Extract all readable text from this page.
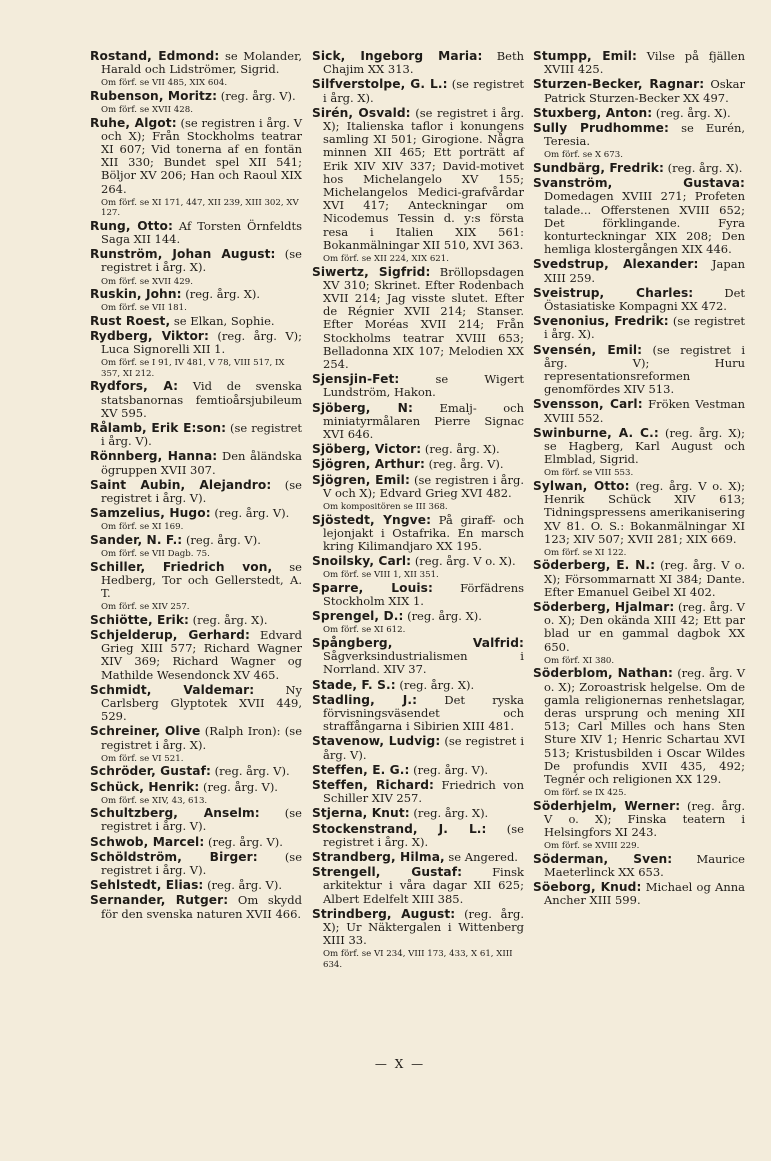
Rostand, Edmond: se Molander, Harald och Lidströmer, Sigrid.
Om förf. se VII 485, XIX 604.
Rubenson, Moritz: (reg. årg. V).
Om förf. se XVII 428.
Ruhe, Algot: (se registren i årg. V och X); Från Stockholms teatrar XI 607; Vid tonerna af en fontän XII 330; Bundet spel XII 541; Böljor XV 206; Han och Raoul XIX 264.
Om förf. se XI 171, 447, XII 239, XIII 302, XV 127.
Rung, Otto: Af Torsten Örnfeldts Saga XII 144.
Runström, Johan August: (se registret i årg. X).
Om förf. se XVII 429.
Ruskin, John: (reg. årg. X).
Om förf. se VII 181.
Rust Roest, se Elkan, Sophie.
Rydberg, Viktor: (reg. årg. V); Luca Signorelli XII 1.
Om förf. se I 91, IV 481, V 78, VIII 517, IX 357, XI 212.
Rydfors, A: Vid de svenska statsbanornas femtioårsjubileum XV 595.
Rålamb, Erik E:son: (se registret i årg. V).
Rönnberg, Hanna: Den åländska ögruppen XVII 307.
Saint Aubin, Alejandro: (se registret i årg. V).
Samzelius, Hugo: (reg. årg. V).
Om förf. se XI 169.
Sander, N. F.: (reg. årg. V).
Om förf. se VII Dagb. 75.
Schiller, Friedrich von, se Hedberg, Tor och Gellerstedt, A. T.
Om förf. se XIV 257.
Schiötte, Erik: (reg. årg. X).
Schjelderup, Gerhard: Edvard Grieg XIII 577; Richard Wagner XIV 369; Richard Wagner og Mathilde Wesendonck XV 465.
Schmidt, Valdemar:	Ny Carlsberg Glyptotek XVII 449, 529.
Schreiner, Olive (Ralph Iron): (se registret i årg. X).
Om förf. se VI 521.
Schröder, Gustaf: (reg. årg. V).
Schück, Henrik: (reg. årg. V).
Om förf. se XIV, 43, 613.
Schultzberg, Anselm: (se registret i årg. V).
Schwob, Marcel: (reg. årg. V).
Schöldström, Birger: (se registret i årg. V).
Sehlstedt, Elias: (reg. årg. V).
Sernander, Rutger: Om skydd för den svenska naturen XVII 466.
Sick, Ingeborg Maria: Beth Chajim XX 313.
Silfverstolpe, G. L.: (se registret i årg. X).
Sirén, Osvald: (se registret i årg. X); Italienska taflor i konungens samling XI 501; Girogione. Några minnen XII 465; Ett porträtt af Erik XIV XIV 337; David-motivet hos Michelangelo XV 155; Michelangelos Medici-grafvårdar XVI 417; Anteckningar om Nicodemus Tessin d. y:s första resa i Italien XIX 561: Bokanmälningar XII 510, XVI 363.
Om förf. se XII 224, XIX 621.
Siwertz, Sigfrid: Bröllopsdagen XV 310; Skrinet. Efter Rodenbach XVII 214; Jag visste slutet. Efter de Régnier XVII 214; Stanser. Efter Moréas XVII 214; Från Stockholms teatrar XVIII 653; Belladonna XIX 107; Melodien XX 254.
Sjensjin-Fet:	se Wigert Lundström, Hakon.
Sjöberg, N: Emalj- och miniatyrmålaren Pierre Signac XVI 646.
Sjöberg, Victor: (reg. årg. X).
Sjögren, Arthur: (reg. årg. V).
Sjögren, Emil: (se registren i årg. V och X); Edvard Grieg XVI 482.
Om kompositören se III 368.
Sjöstedt, Yngve: På giraff- och lejonjakt i Ostafrika. En marsch kring Kilimandjaro XX 195.
Snoilsky, Carl: (reg. årg. V o. X).
Om förf. se VIII 1, XII 351.
Sparre, Louis: Förfädrens Stockholm XIX 1.
Sprengel, D.: (reg. årg. X).
Om förf. se XI 612.
Spångberg, Valfrid: Sågverksindustrialismen i Norrland. XIV 37.
Stade, F. S.: (reg. årg. X).
Stadling, J.: Det ryska förvisningsväsendet och straffångarna i Sibirien XIII 481.
Stavenow, Ludvig: (se registret i årg. V).
Steffen, E. G.: (reg. årg. V).
Steffen, Richard: Friedrich von Schiller XIV 257.
Stjerna, Knut: (reg. årg. X).
Stockenstrand, J. L.: (se registret i årg. X).
Strandberg, Hilma, se Angered.
Strengell, Gustaf:	Finsk arkitektur i våra dagar XII 625; Albert Edelfelt XIII 385.
Strindberg, August: (reg. årg. X); Ur Näktergalen i Wittenberg XIII 33.
Om förf. se VI 234, VIII 173, 433, X 61, XIII 634.
Stumpp, Emil: Vilse på fjällen XVIII 425.
Sturzen-Becker, Ragnar: Oskar Patrick Sturzen-Becker XX 497.
Stuxberg, Anton: (reg. årg. X).
Sully Prudhomme: se Eurén, Teresia.
Om förf. se X 673.
Sundbärg, Fredrik: (reg. årg. X).
Svanström, Gustava: Domedagen XVIII 271; Profeten talade... Offerstenen XVIII 652; Det förklingande. Fyra konturteckningar XIX 208; Den hemliga klostergången XIX 446.
Svedstrup, Alexander: Japan XIII 259.
Sveistrup, Charles:	Det Östasiatiske Kompagni XX 472.
Svenonius, Fredrik: (se registret i årg. X).
Svensén, Emil: (se registret i årg. V); Huru representationsreformen genomfördes XIV 513.
Svensson, Carl: Fröken Vestman XVIII 552.
Swinburne, A. C.: (reg. årg. X); se Hagberg, Karl August och Elmblad, Sigrid.
Om förf. se VIII 553.
Sylwan, Otto: (reg. årg. V o. X); Henrik Schück XIV 613; Tidningspressens amerikanisering XV 81. O. S.: Bokanmälningar XI 123; XIV 507; XVII 281; XIX 669.
Om förf. se XI 122.
Söderberg, E. N.: (reg. årg. V o. X); Försommarnatt XI 384; Dante. Efter Emanuel Geibel XI 402.
Söderberg, Hjalmar: (reg. årg. V o. X); Den okända XIII 42; Ett par blad ur en gammal dagbok XX 650.
Om förf. XI 380.
Söderblom, Nathan: (reg. årg. V o. X); Zoroastrisk helgelse. Om de gamla religionernas renhetslagar, deras ursprung och mening XII 513; Carl Milles och hans Sten Sture XIV 1; Henric Schartau XVI 513; Kristusbilden i Oscar Wildes De profundis XVII 435, 492; Tegnér och religionen XX 129.
Om förf. se IX 425.
Söderhjelm, Werner: (reg. årg. V o. X); Finska teatern i Helsingfors XI 243.
Om förf. se XVIII 229.
Söderman, Sven: Maurice Maeterlinck XX 653.
Söeborg, Knud: Michael og Anna Ancher XIII 599.
— X —
